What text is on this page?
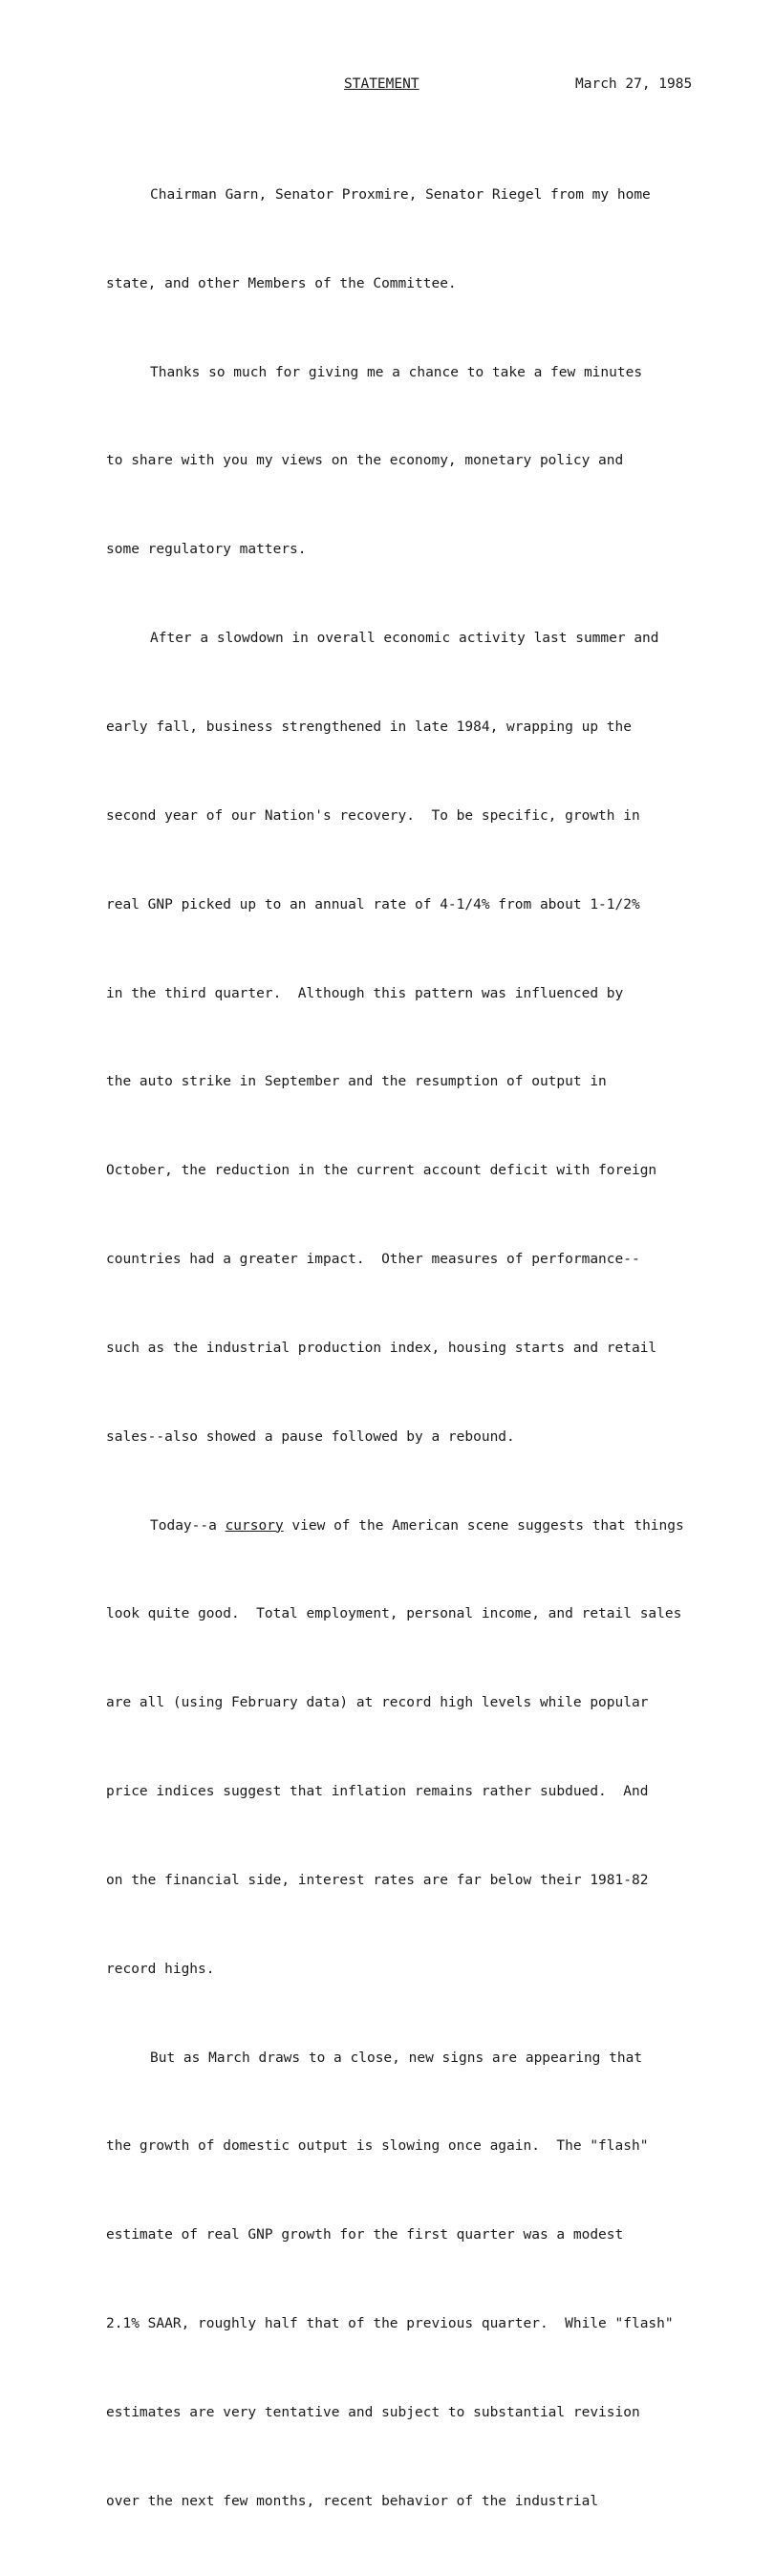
STATEMENT	March 27, 1985

Chairman Garn, Senator Proxmire, Senator Riegel from my home

state, and other Members of the Committee.

Thanks so much for giving me a chance to take a few minutes

to share with you my views on the economy, monetary policy and

some regulatory matters.

After a slowdown in overall economic activity last summer and

early fall, business strengthened in late 1984, wrapping up the

second year of our Nation's recovery.  To be specific, growth in

real GNP picked up to an annual rate of 4-1/4% from about 1-1/2%

in the third quarter.  Although this pattern was influenced by

the auto strike in September and the resumption of output in

October, the reduction in the current account deficit with foreign

countries had a greater impact.  Other measures of performance--

such as the industrial production index, housing starts and retail

sales--also showed a pause followed by a rebound.

Today--a cursory view of the American scene suggests that things

look quite good.  Total employment, personal income, and retail sales

are all (using February data) at record high levels while popular

price indices suggest that inflation remains rather subdued.  And

on the financial side, interest rates are far below their 1981-82

record highs.

But as March draws to a close, new signs are appearing that

the growth of domestic output is slowing once again.  The "flash"

estimate of real GNP growth for the first quarter was a modest

2.1% SAAR, roughly half that of the previous quarter.  While "flash"

estimates are very tentative and subject to substantial revision

over the next few months, recent behavior of the industrial
